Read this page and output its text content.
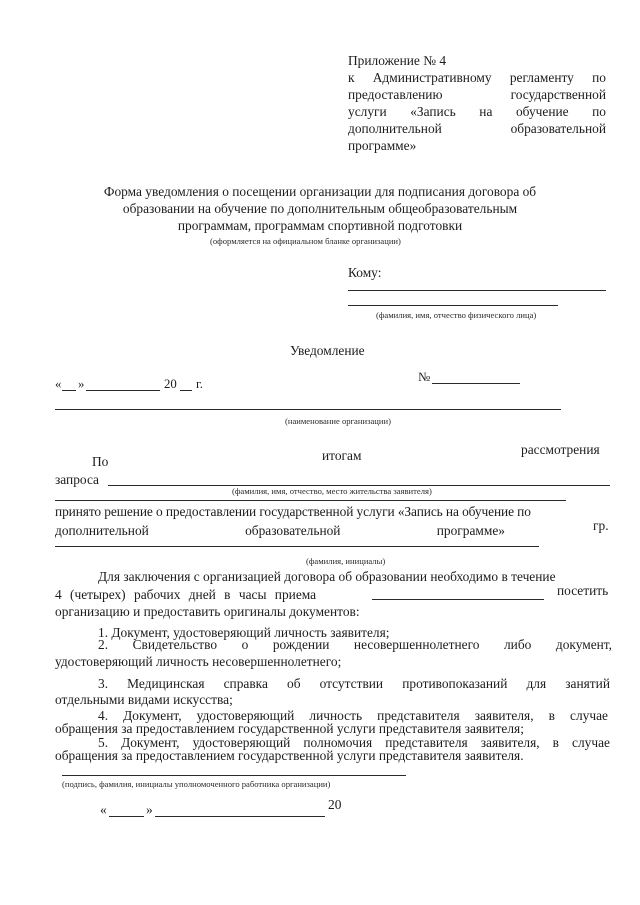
Приложение № 4
к Административному регламенту по
предоставлению	государственной
услуги «Запись на обучение по
дополнительной	образовательной
программе»
Форма уведомления о посещении организации для подписания договора об
образовании на обучение по дополнительным общеобразовательным
программам, программам спортивной подготовки
(оформляется на официальном бланке организации)
Кому:
(фамилия, имя, отчество физического лица)
Уведомление
« »	20 г.	№
(наименование организации)
По	итогам	рассмотрения
запроса
(фамилия, имя, отчество, место жительства заявителя)
принято решение о предоставлении государственной услуги «Запись на обучение по
дополнительной	образовательной	программе»	гр.
(фамилия, инициалы)
Для заключения с организацией договора об образовании необходимо в течение
4 (четырех) рабочих дней в часы приема	посетить
организацию и предоставить оригиналы документов:
1. Документ, удостоверяющий личность заявителя;
2. Свидетельство о рождении несовершеннолетнего либо документ,
удостоверяющий личность несовершеннолетнего;
3. Медицинская справка об отсутствии противопоказаний для занятий
отдельными видами искусства;
4. Документ, удостоверяющий личность представителя заявителя, в случае
обращения за предоставлением государственной услуги представителя заявителя;
5. Документ, удостоверяющий полномочия представителя заявителя, в случае
обращения за предоставлением государственной услуги представителя заявителя.
(подпись, фамилия, инициалы уполномоченного работника организации)
«	»	20
